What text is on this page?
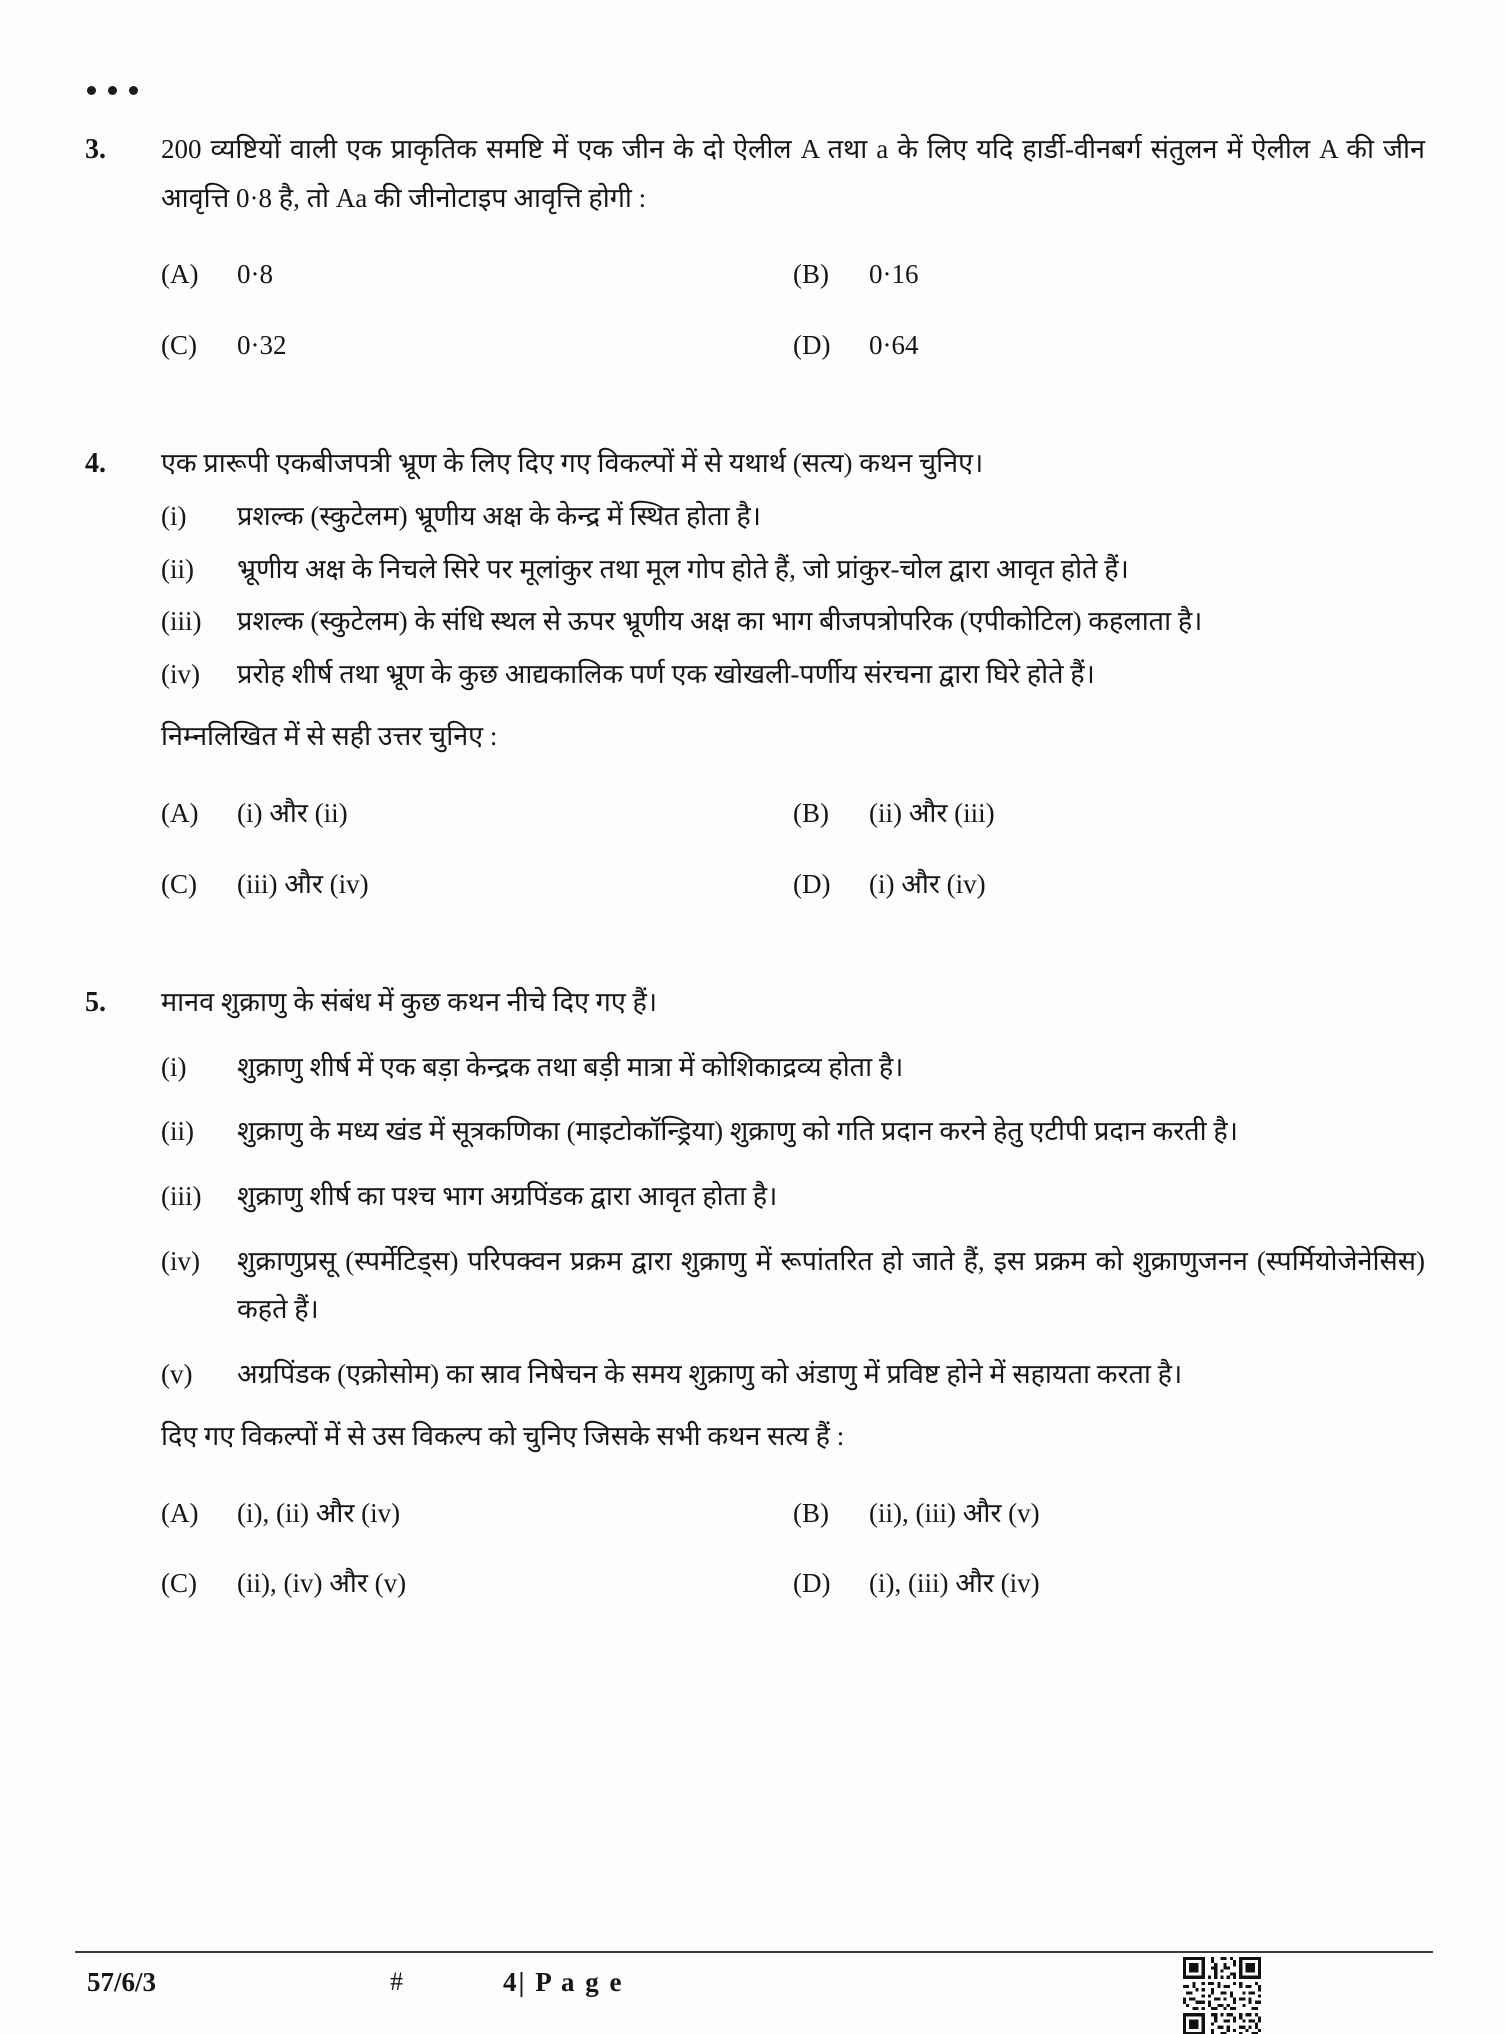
3.	200 व्यष्टियों वाली एक प्राकृतिक समष्टि में एक जीन के दो ऐलील A तथा a के लिए यदि हार्डी-वीनबर्ग संतुलन में ऐलील A की जीन आवृत्ति 0·8 है, तो Aa की जीनोटाइप आवृत्ति होगी :

(A)	0·8	(B)	0·16
(C)	0·32	(D)	0·64
4.	एक प्रारूपी एकबीजपत्री भ्रूण के लिए दिए गए विकल्पों में से यथार्थ (सत्य) कथन चुनिए।

(i)	प्रशल्क (स्कुटेलम) भ्रूणीय अक्ष के केन्द्र में स्थित होता है।
(ii)	भ्रूणीय अक्ष के निचले सिरे पर मूलांकुर तथा मूल गोप होते हैं, जो प्रांकुर-चोल द्वारा आवृत होते हैं।
(iii)	प्रशल्क (स्कुटेलम) के संधि स्थल से ऊपर भ्रूणीय अक्ष का भाग बीजपत्रोपरिक (एपीकोटिल) कहलाता है।
(iv)	प्ररोह शीर्ष तथा भ्रूण के कुछ आद्यकालिक पर्ण एक खोखली-पर्णीय संरचना द्वारा घिरे होते हैं।

निम्नलिखित में से सही उत्तर चुनिए :

(A)	(i) और (ii)	(B)	(ii) और (iii)
(C)	(iii) और (iv)	(D)	(i) और (iv)
5.	मानव शुक्राणु के संबंध में कुछ कथन नीचे दिए गए हैं।

(i)	शुक्राणु शीर्ष में एक बड़ा केन्द्रक तथा बड़ी मात्रा में कोशिकाद्रव्य होता है।
(ii)	शुक्राणु के मध्य खंड में सूत्रकणिका (माइटोकॉन्ड्रिया) शुक्राणु को गति प्रदान करने हेतु एटीपी प्रदान करती है।
(iii)	शुक्राणु शीर्ष का पश्च भाग अग्रपिंडक द्वारा आवृत होता है।
(iv)	शुक्राणुप्रसू (स्पर्मेटिड्स) परिपक्वन प्रक्रम द्वारा शुक्राणु में रूपांतरित हो जाते हैं, इस प्रक्रम को शुक्राणुजनन (स्पर्मियोजेनेसिस) कहते हैं।
(v)	अग्रपिंडक (एक्रोसोम) का स्राव निषेचन के समय शुक्राणु को अंडाणु में प्रविष्ट होने में सहायता करता है।

दिए गए विकल्पों में से उस विकल्प को चुनिए जिसके सभी कथन सत्य हैं :

(A)	(i), (ii) और (iv)	(B)	(ii), (iii) और (v)
(C)	(ii), (iv) और (v)	(D)	(i), (iii) और (iv)
57/6/3	#	4| P a g e
